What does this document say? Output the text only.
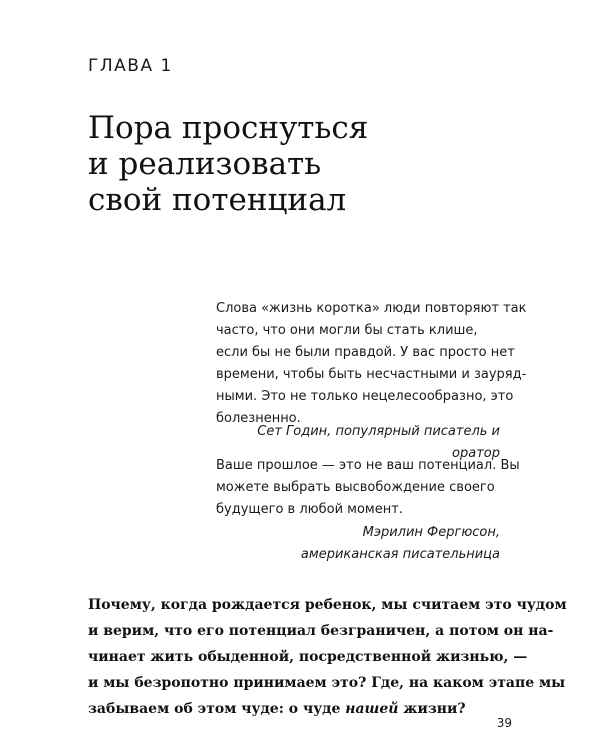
ГЛАВА 1
Пора проснуться
и реализовать
свой потенциал
Слова «жизнь коротка» люди повторяют так
часто, что они могли бы стать клише,
если бы не были правдой. У вас просто нет
времени, чтобы быть несчастными и зауряд-
ными. Это не только нецелесообразно, это
болезненно.
Сет Годин, популярный писатель и оратор
Ваше прошлое — это не ваш потенциал. Вы
можете выбрать высвобождение своего
будущего в любой момент.
Мэрилин Фергюсон,
американская писательница
Почему, когда рождается ребенок, мы считаем это чудом
и верим, что его потенциал безграничен, а потом он на-
чинает жить обыденной, посредственной жизнью, —
и мы безропотно принимаем это? Где, на каком этапе мы
забываем об этом чуде: о чуде нашей жизни?
39
